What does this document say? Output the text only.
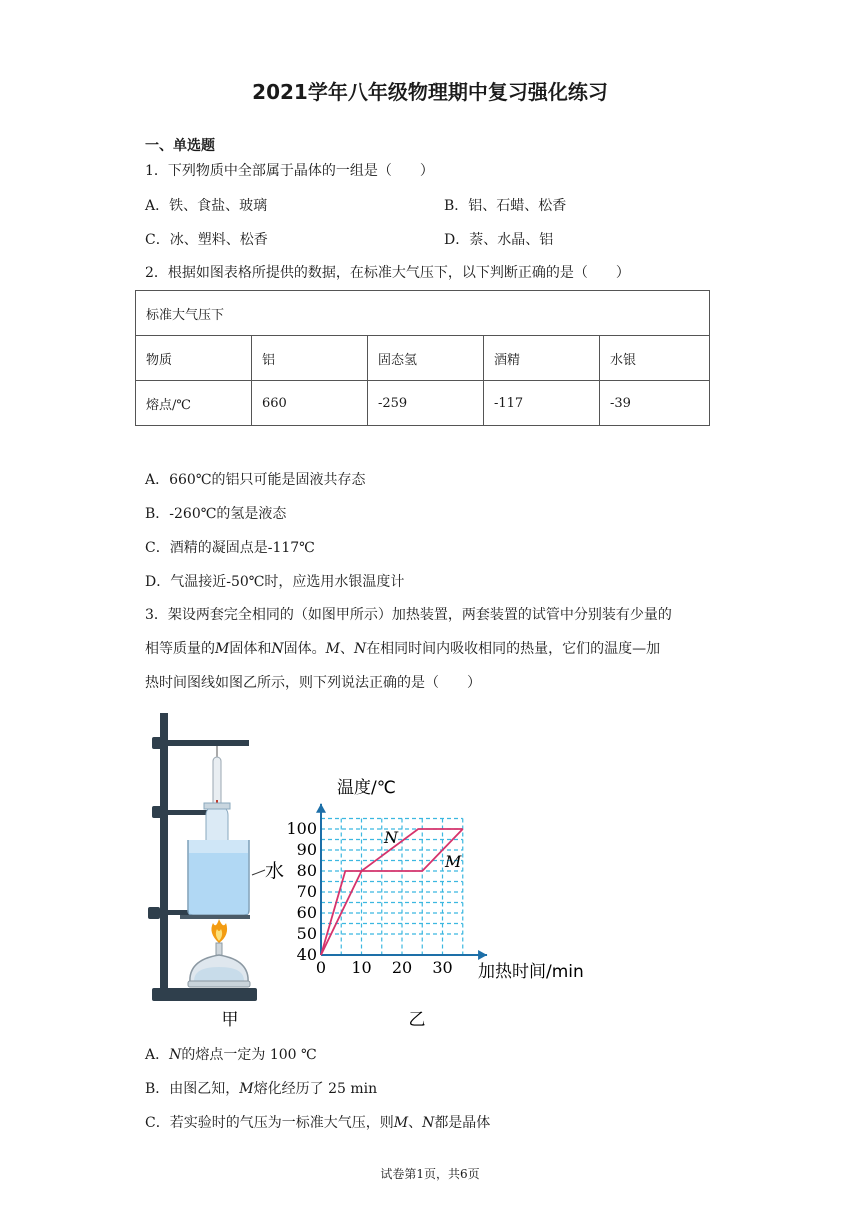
2021学年八年级物理期中复习强化练习
一、单选题
1．下列物质中全部属于晶体的一组是（　　）
A．铁、食盐、玻璃	B．铝、石蜡、松香
C．冰、塑料、松香	D．萘、水晶、铝
2．根据如图表格所提供的数据，在标准大气压下，以下判断正确的是（　　）
标准大气压下				
物质	铝	固态氢	酒精	水银
熔点/℃	660	-259	-117	-39
A．660℃的铝只可能是固液共存态
B．-260℃的氢是液态
C．酒精的凝固点是-117℃
D．气温接近-50℃时，应选用水银温度计
3．架设两套完全相同的（如图甲所示）加热装置，两套装置的试管中分别装有少量的
相等质量的M固体和N固体。M、N在相同时间内吸收相同的热量，它们的温度—加
热时间图线如图乙所示，则下列说法正确的是（　　）
0 10 20 30
40
50
60
70
80
90
100
水
甲	乙
温度/℃
加热时间/min
N
M
A．N的熔点一定为 100 ℃
B．由图乙知，M熔化经历了 25 min
C．若实验时的气压为一标准大气压，则M、N都是晶体
试卷第1页，共6页
